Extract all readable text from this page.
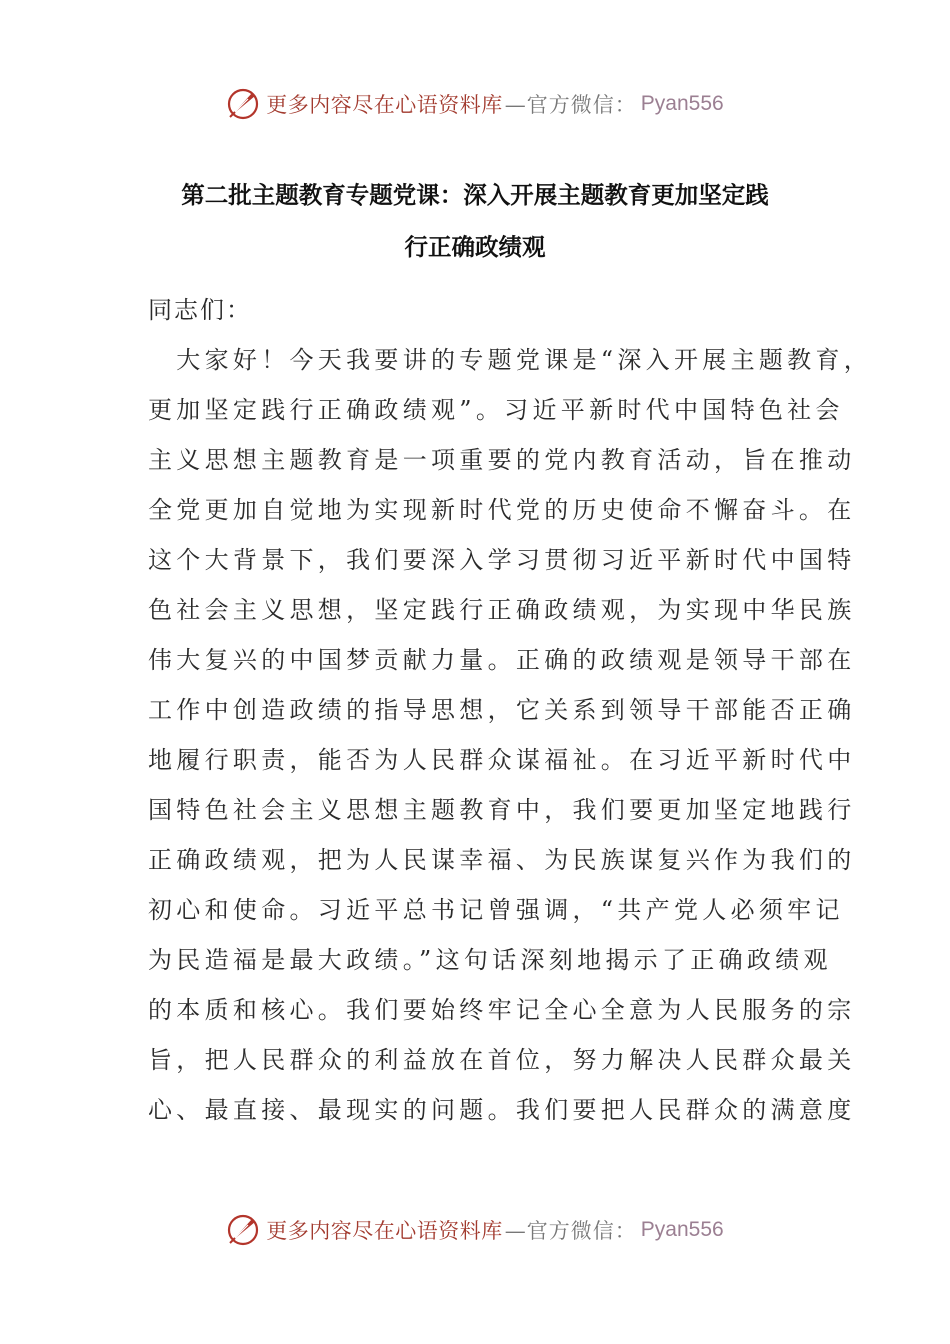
更多内容尽在心语资料库 —官方微信： Pyan556
第二批主题教育专题党课：深入开展主题教育更加坚定践
行正确政绩观
同志们：
　大家好！今天我要讲的专题党课是“深入开展主题教育，
更加坚定践行正确政绩观”。习近平新时代中国特色社会
主义思想主题教育是一项重要的党内教育活动，旨在推动
全党更加自觉地为实现新时代党的历史使命不懈奋斗。在
这个大背景下，我们要深入学习贯彻习近平新时代中国特
色社会主义思想，坚定践行正确政绩观，为实现中华民族
伟大复兴的中国梦贡献力量。正确的政绩观是领导干部在
工作中创造政绩的指导思想，它关系到领导干部能否正确
地履行职责，能否为人民群众谋福祉。在习近平新时代中
国特色社会主义思想主题教育中，我们要更加坚定地践行
正确政绩观，把为人民谋幸福、为民族谋复兴作为我们的
初心和使命。习近平总书记曾强调，“共产党人必须牢记
为民造福是最大政绩。”这句话深刻地揭示了正确政绩观
的本质和核心。我们要始终牢记全心全意为人民服务的宗
旨，把人民群众的利益放在首位，努力解决人民群众最关
心、最直接、最现实的问题。我们要把人民群众的满意度
更多内容尽在心语资料库 —官方微信： Pyan556
